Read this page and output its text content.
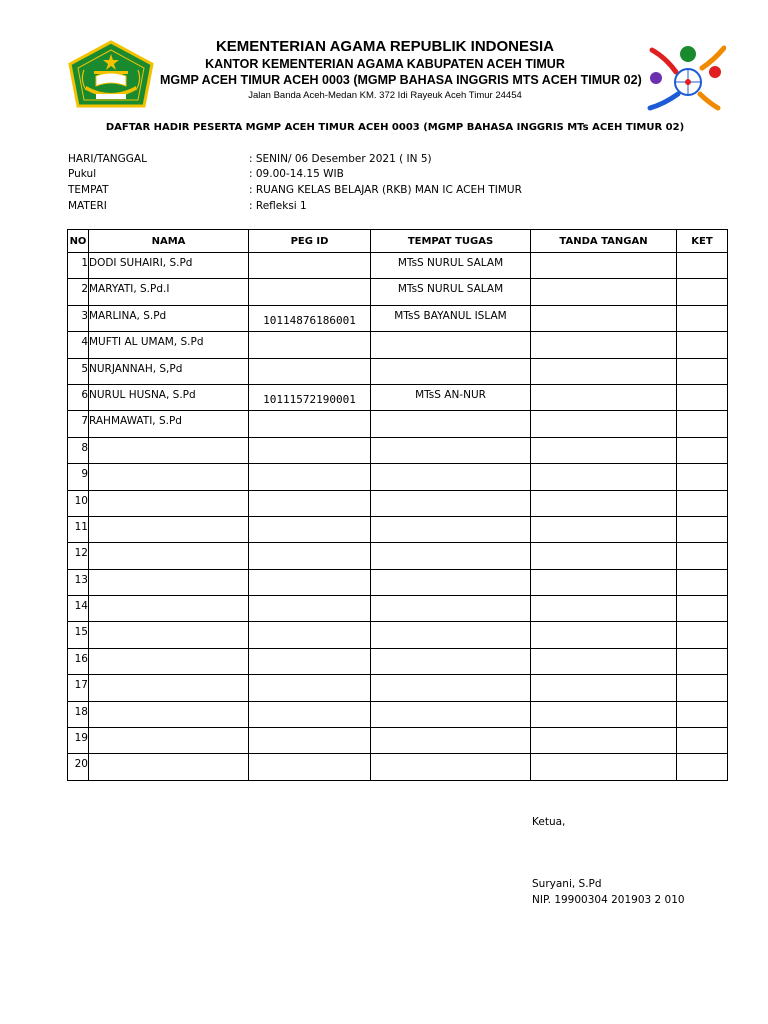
KEMENTERIAN AGAMA REPUBLIK INDONESIA
KANTOR KEMENTERIAN AGAMA KABUPATEN ACEH TIMUR
MGMP ACEH TIMUR ACEH 0003 (MGMP BAHASA INGGRIS MTS ACEH TIMUR 02)
Jalan Banda Aceh-Medan KM. 372 Idi Rayeuk Aceh Timur 24454
DAFTAR HADIR PESERTA MGMP ACEH TIMUR ACEH 0003 (MGMP BAHASA INGGRIS MTs ACEH TIMUR 02)
HARI/TANGGAL	: SENIN/ 06 Desember 2021 ( IN 5)
Pukul	: 09.00-14.15 WIB
TEMPAT	: RUANG KELAS BELAJAR (RKB) MAN IC ACEH TIMUR
MATERI	: Refleksi 1
NO	NAMA	PEG ID	TEMPAT TUGAS	TANDA TANGAN	KET
1	DODI SUHAIRI, S.Pd		MTsS NURUL SALAM		
2	MARYATI, S.Pd.I		MTsS NURUL SALAM		
3	MARLINA, S.Pd	10114876186001	MTsS BAYANUL ISLAM		
4	MUFTI AL UMAM, S.Pd				
5	NURJANNAH, S,Pd				
6	NURUL HUSNA, S.Pd	10111572190001	MTsS AN-NUR		
7	RAHMAWATI, S.Pd				
8					
9					
10					
11					
12					
13					
14					
15					
16					
17					
18					
19					
20					
Ketua,
Suryani, S.Pd
NIP. 19900304 201903 2 010
